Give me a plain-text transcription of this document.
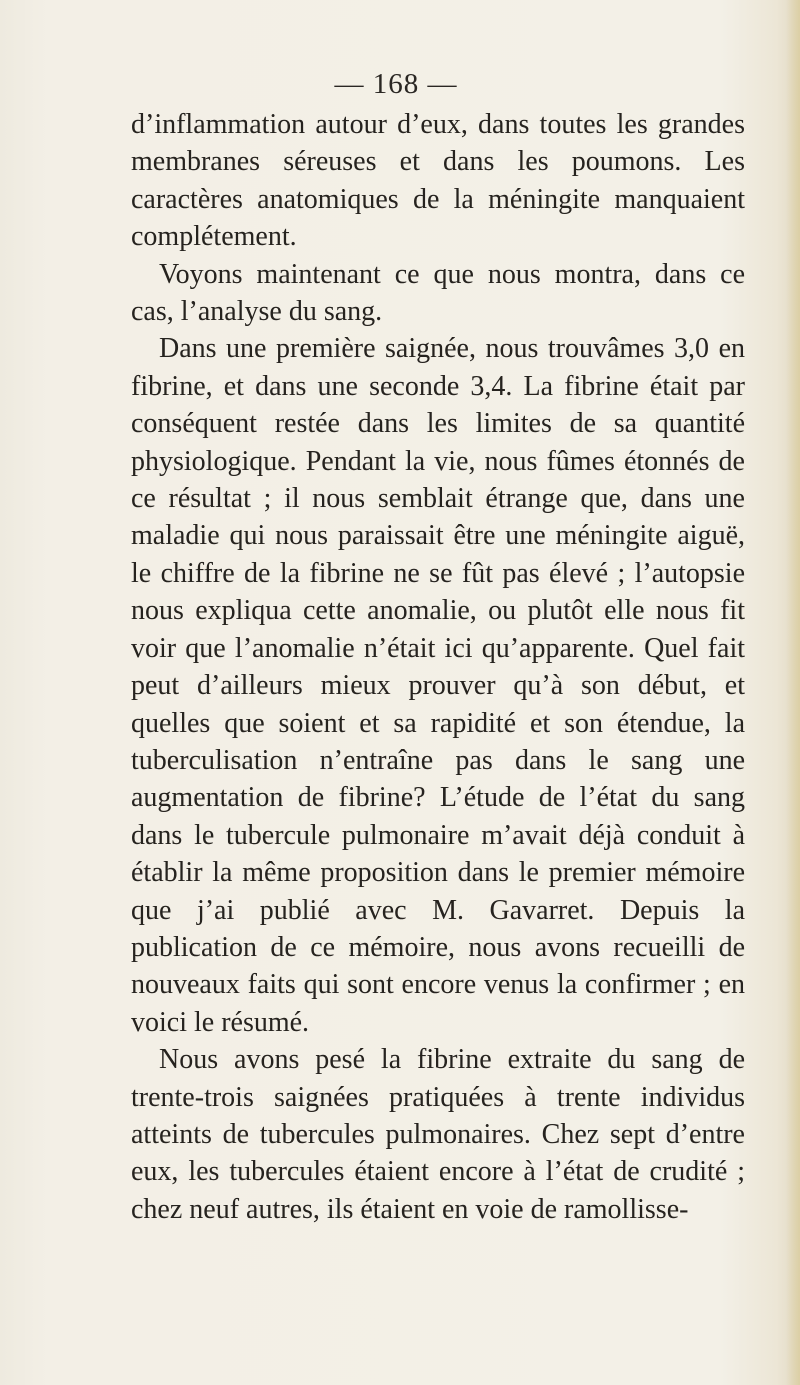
— 168 —

d’inflammation autour d’eux, dans toutes les grandes membranes séreuses et dans les poumons. Les caractères anatomiques de la méningite manquaient complétement.

Voyons maintenant ce que nous montra, dans ce cas, l’analyse du sang.

Dans une première saignée, nous trouvâmes 3,0 en fibrine, et dans une seconde 3,4. La fibrine était par conséquent restée dans les limites de sa quantité physiologique. Pendant la vie, nous fûmes étonnés de ce résultat ; il nous semblait étrange que, dans une maladie qui nous paraissait être une méningite aiguë, le chiffre de la fibrine ne se fût pas élevé ; l’autopsie nous expliqua cette anomalie, ou plutôt elle nous fit voir que l’anomalie n’était ici qu’apparente. Quel fait peut d’ailleurs mieux prouver qu’à son début, et quelles que soient et sa rapidité et son étendue, la tuberculisation n’entraîne pas dans le sang une augmentation de fibrine? L’étude de l’état du sang dans le tubercule pulmonaire m’avait déjà conduit à établir la même proposition dans le premier mémoire que j’ai publié avec M. Gavarret. Depuis la publication de ce mémoire, nous avons recueilli de nouveaux faits qui sont encore venus la confirmer ; en voici le résumé.

Nous avons pesé la fibrine extraite du sang de trente-trois saignées pratiquées à trente individus atteints de tubercules pulmonaires. Chez sept d’entre eux, les tubercules étaient encore à l’état de crudité ; chez neuf autres, ils étaient en voie de ramollisse-
